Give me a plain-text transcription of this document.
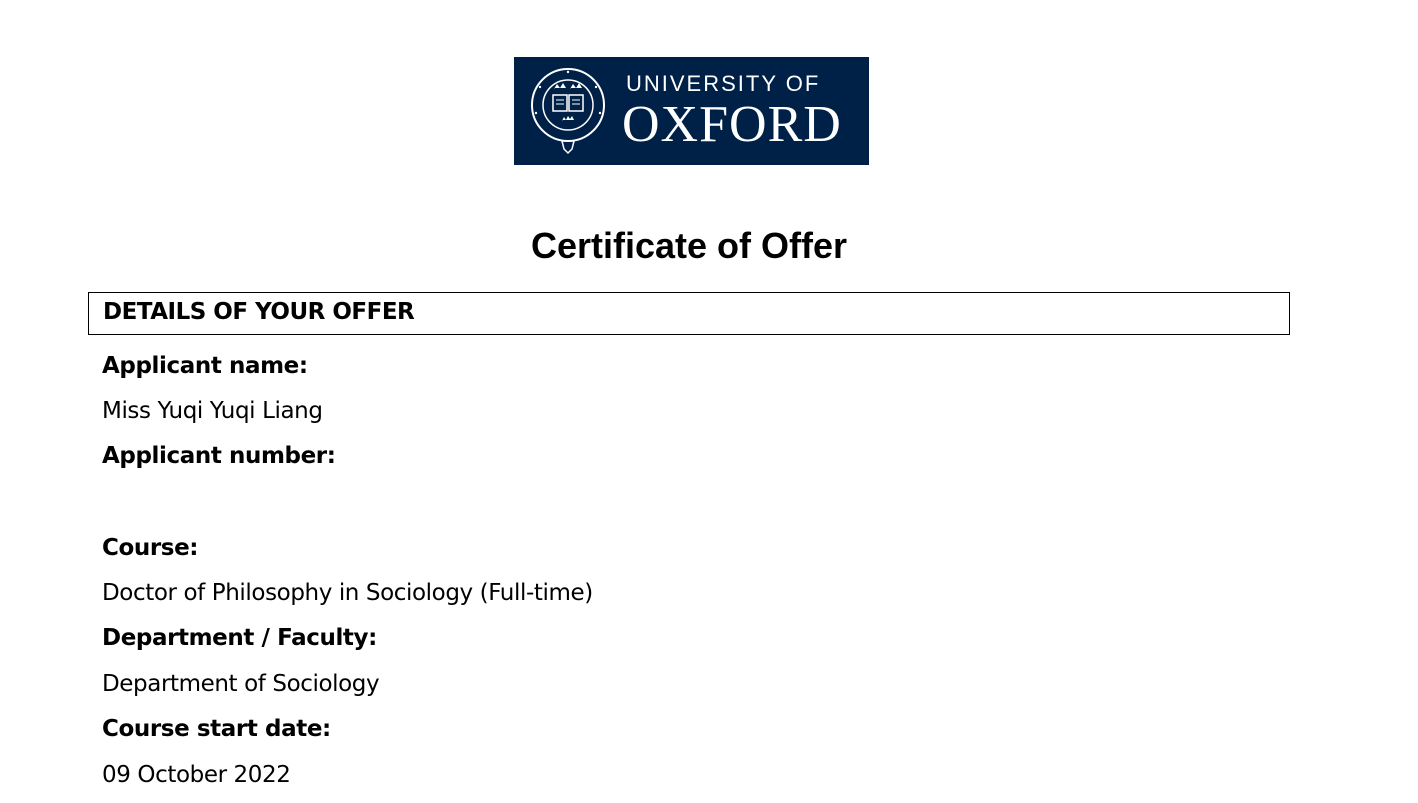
UNIVERSITY OF
OXFORD
Certificate of Offer
DETAILS OF YOUR OFFER
Applicant name:
Miss Yuqi Yuqi Liang
Applicant number:
Course:
Doctor of Philosophy in Sociology (Full-time)
Department / Faculty:
Department of Sociology
Course start date:
09 October 2022
